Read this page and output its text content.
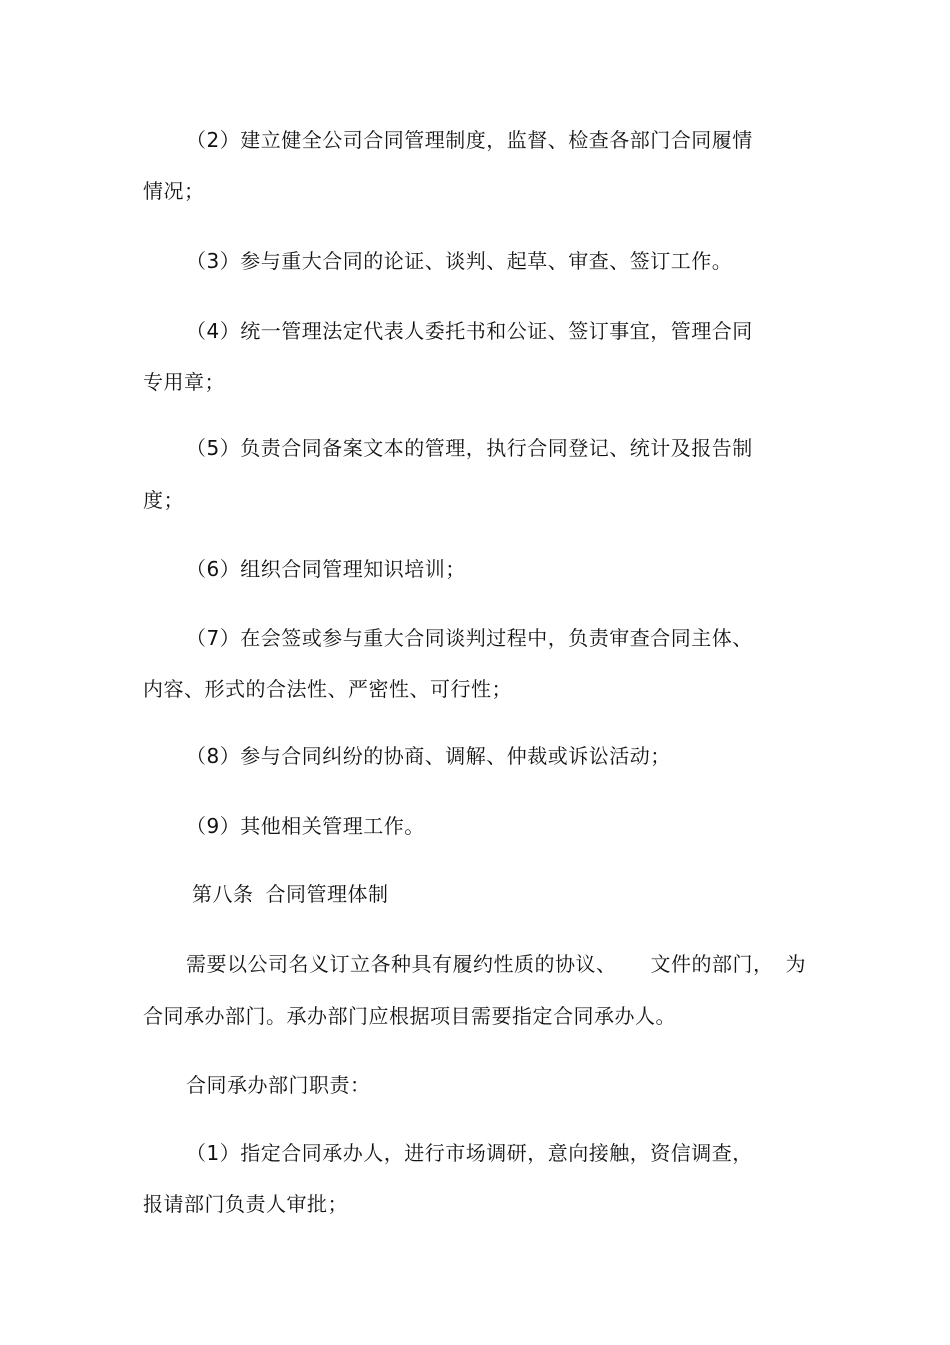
（2）建立健全公司合同管理制度，监督、检查各部门合同履情
情况；
（3）参与重大合同的论证、谈判、起草、审查、签订工作。
（4）统一管理法定代表人委托书和公证、签订事宜，管理合同
专用章；
（5）负责合同备案文本的管理，执行合同登记、统计及报告制
度；
（6）组织合同管理知识培训；
（7）在会签或参与重大合同谈判过程中，负责审查合同主体、
内容、形式的合法性、严密性、可行性；
（8）参与合同纠纷的协商、调解、仲裁或诉讼活动；
（9）其他相关管理工作。
第八条 合同管理体制
需要以公司名义订立各种具有履约性质的协议、 文件的部门， 为
合同承办部门。承办部门应根据项目需要指定合同承办人。
合同承办部门职责：
（1）指定合同承办人，进行市场调研，意向接触，资信调查，
报请部门负责人审批；
